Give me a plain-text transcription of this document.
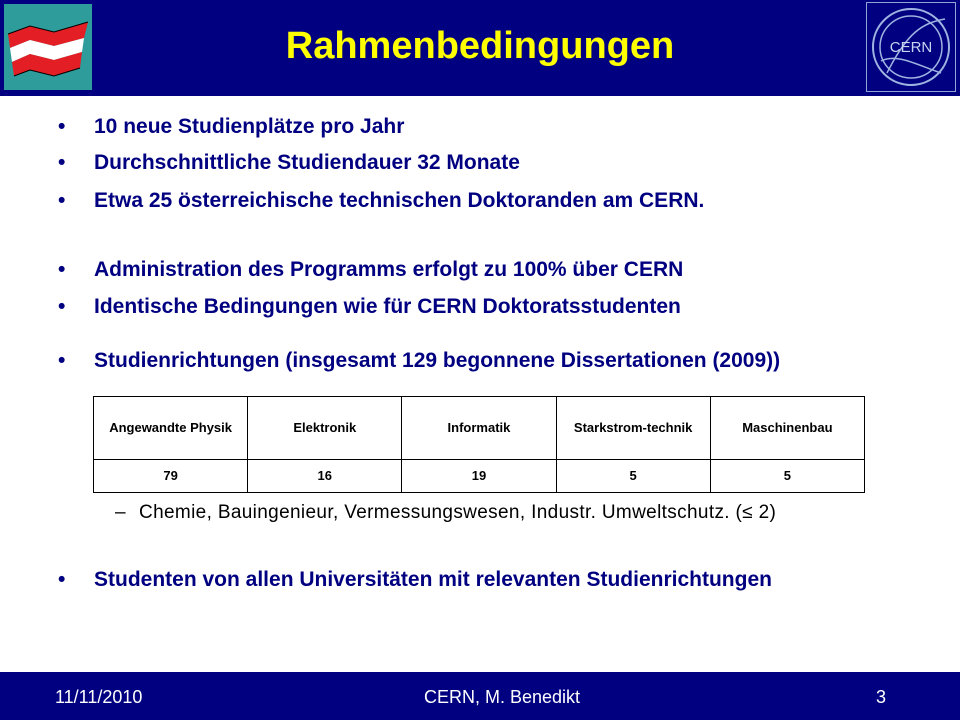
Rahmenbedingungen	CERN
• 10 neue Studienplätze pro Jahr
• Durchschnittliche Studiendauer 32 Monate
• Etwa 25 österreichische technischen Doktoranden am CERN.
• Administration des Programms erfolgt zu 100% über CERN
• Identische Bedingungen wie für CERN Doktoratsstudenten
• Studienrichtungen (insgesamt 129 begonnene Dissertationen (2009))
Angewandte Physik	Elektronik	Informatik	Starkstrom-technik	Maschinenbau
79	16	19	5	5
– Chemie, Bauingenieur, Vermessungswesen, Industr. Umweltschutz. (≤ 2)
• Studenten von allen Universitäten mit relevanten Studienrichtungen
11/11/2010	CERN, M. Benedikt	3
